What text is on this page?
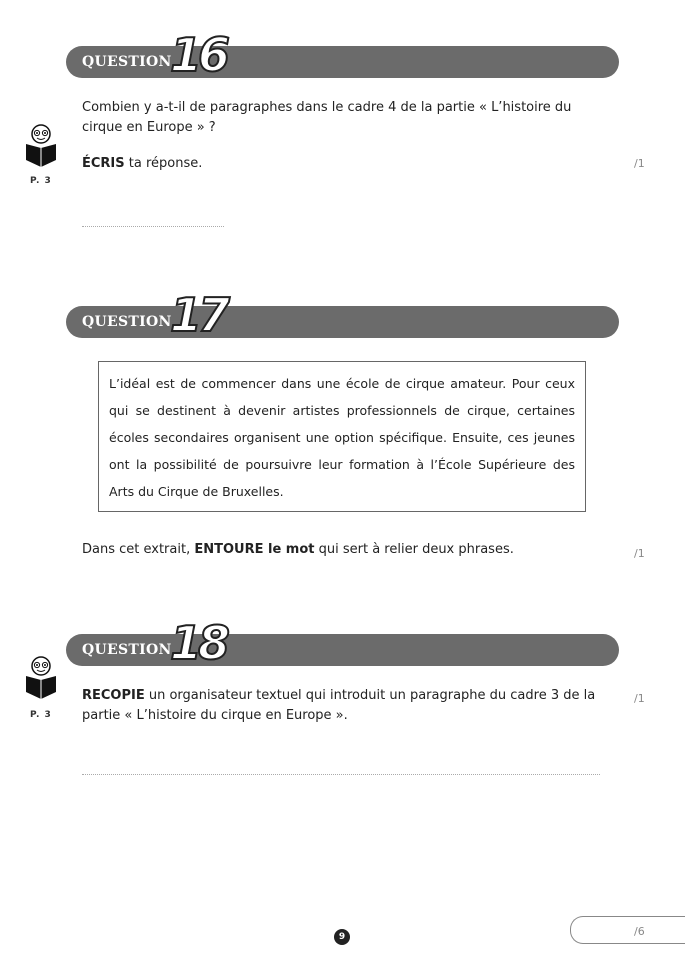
QUESTION
16
P. 3
Combien y a-t-il de paragraphes dans le cadre 4 de la partie « L’histoire du cirque en Europe » ?
ÉCRIS ta réponse.	/1
QUESTION
17
L’idéal est de commencer dans une école de cirque amateur. Pour ceux qui se destinent à devenir artistes professionnels de cirque, certaines écoles secondaires organisent une option spécifique. Ensuite, ces jeunes ont la possibilité de poursuivre leur formation à l’École Supérieure des Arts du Cirque de Bruxelles.
Dans cet extrait, ENTOURE le mot qui sert à relier deux phrases.	/1
QUESTION
18
P. 3
RECOPIE un organisateur textuel qui introduit un paragraphe du cadre 3 de la partie « L’histoire du cirque en Europe ».
/1
9	/6
